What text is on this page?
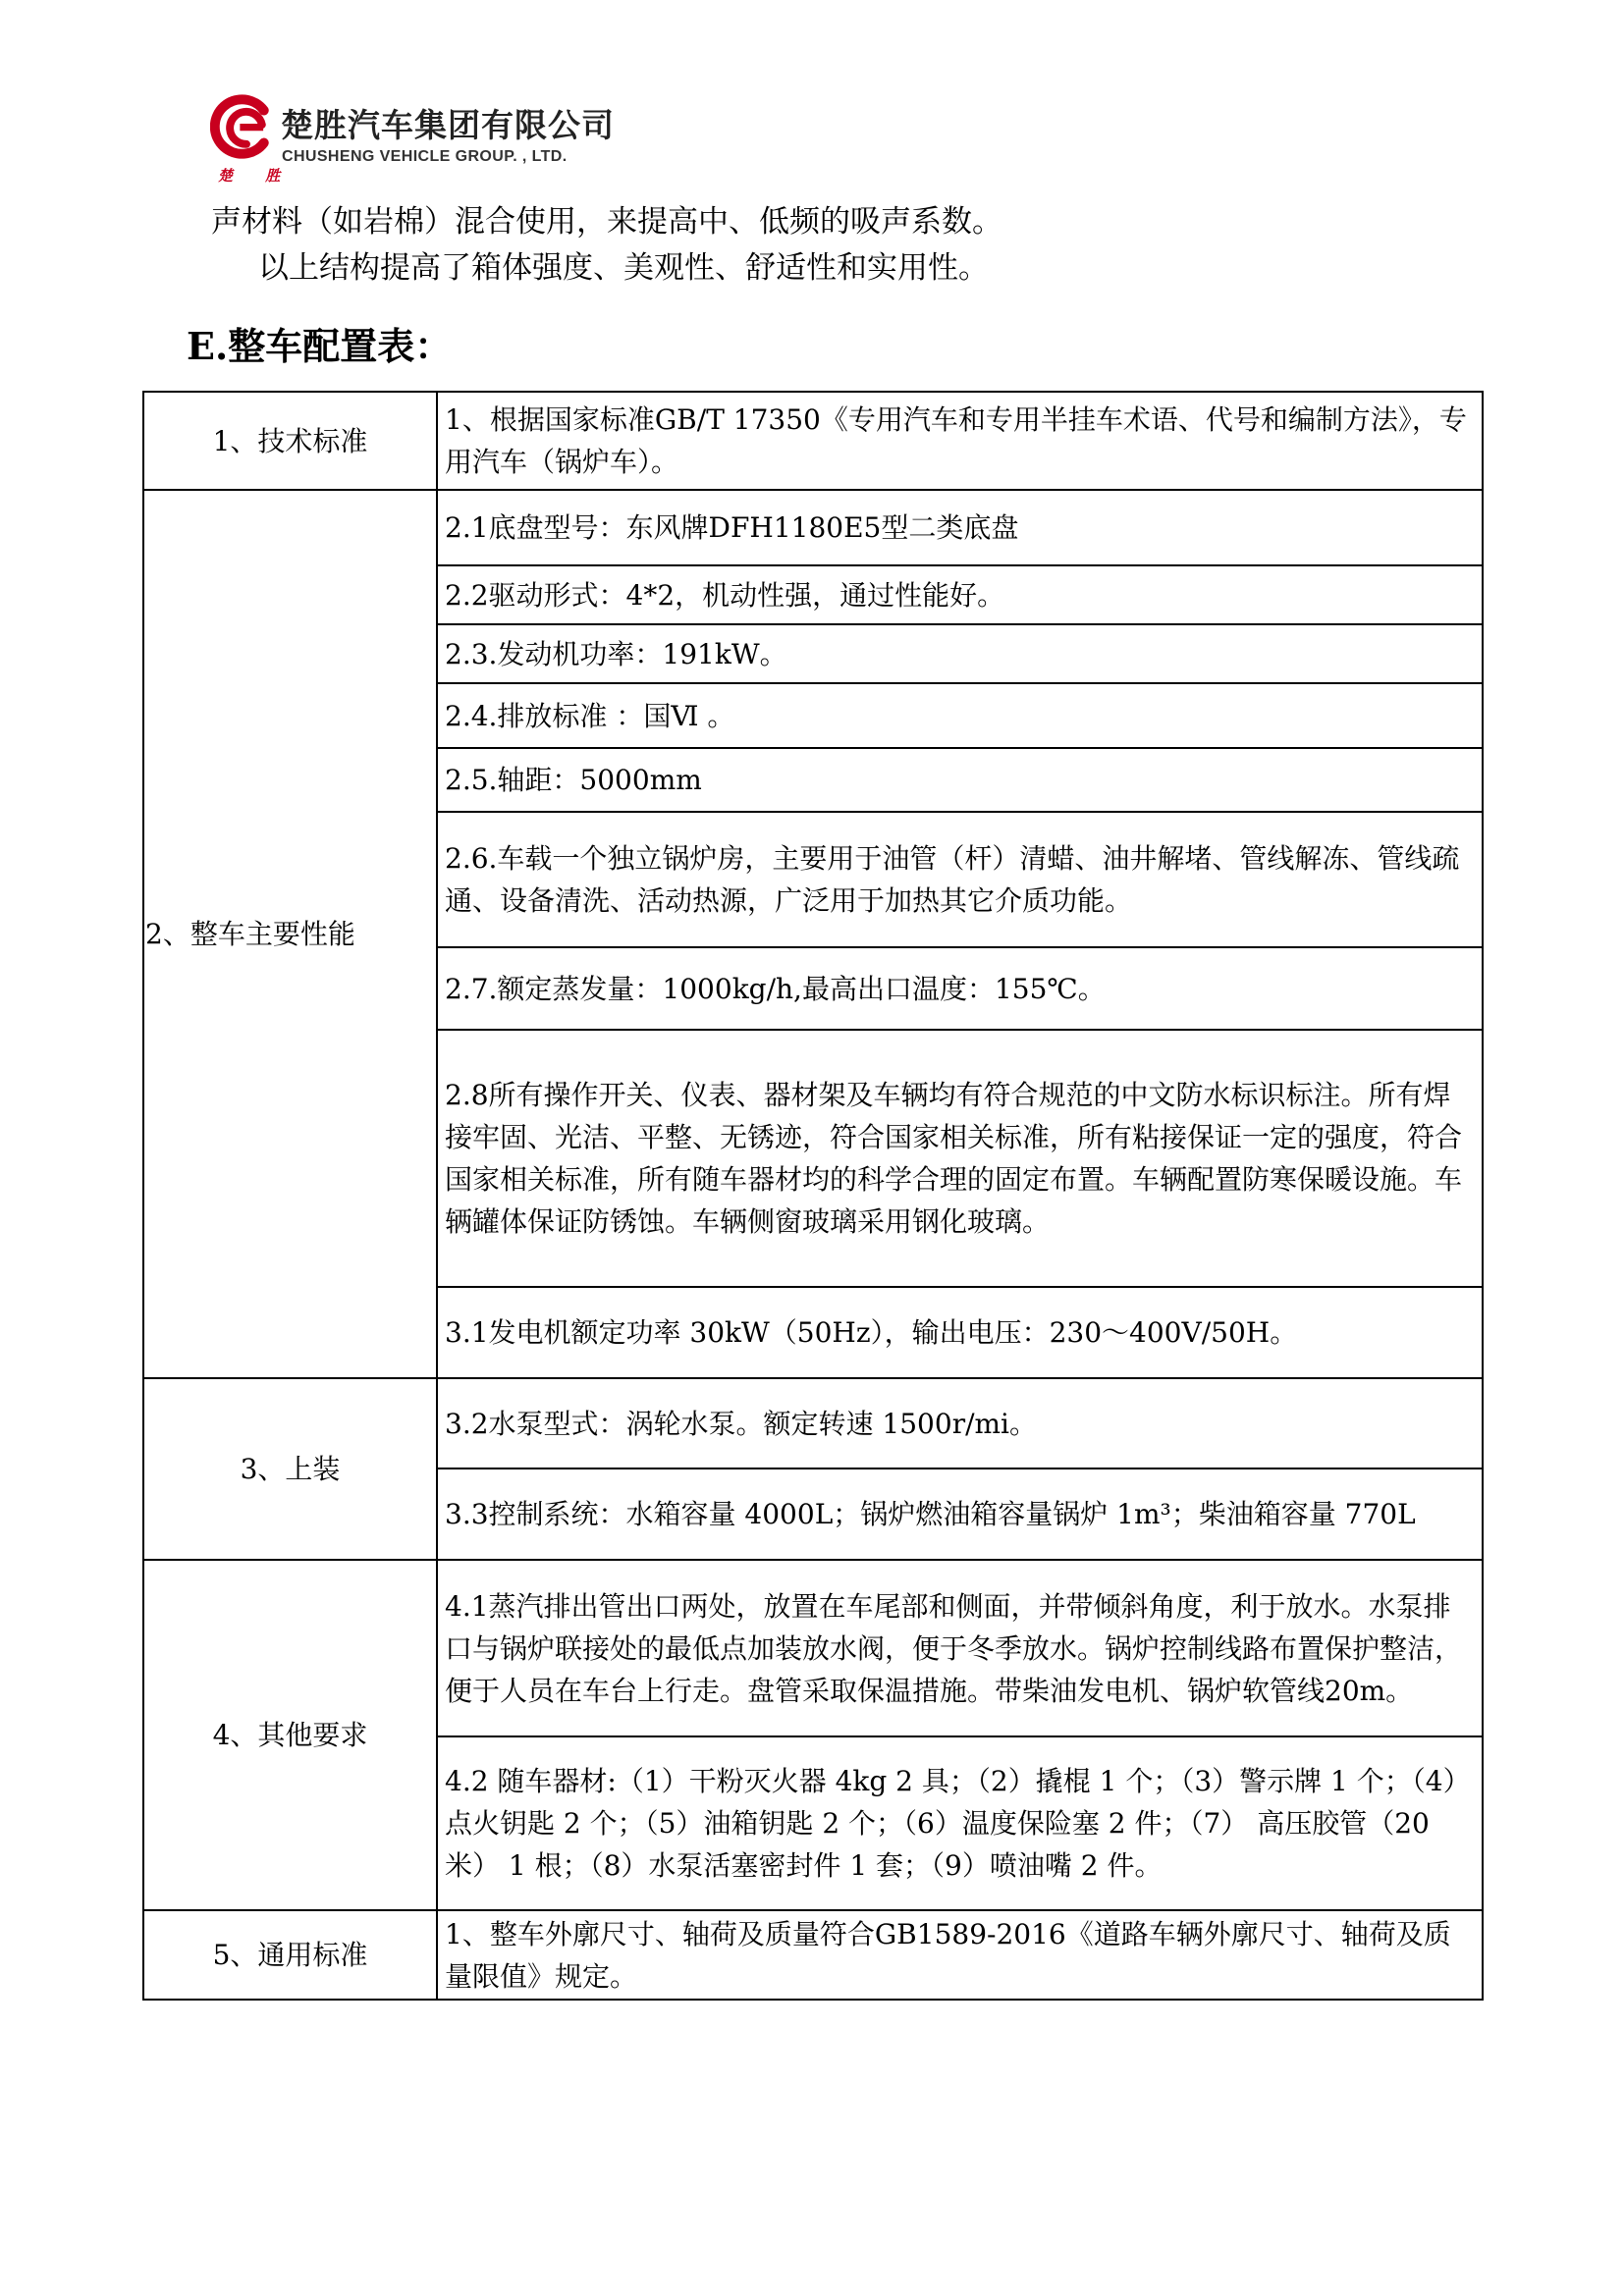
楚 胜
楚胜汽车集团有限公司
CHUSHENG VEHICLE GROUP. , LTD.
声材料（如岩棉）混合使用，来提高中、低频的吸声系数。
以上结构提高了箱体强度、美观性、舒适性和实用性。
E.整车配置表：
1、技术标准	1、根据国家标准GB/T 17350《专用汽车和专用半挂车术语、代号和编制方法》，专用汽车（锅炉车）。
2、整车主要性能	2.1底盘型号：东风牌DFH1180E5型二类底盘
	2.2驱动形式：4*2，机动性强，通过性能好。
	2.3.发动机功率：191kW。
	2.4.排放标准 ：国Ⅵ 。
	2.5.轴距：5000mm
	2.6.车载一个独立锅炉房，主要用于油管（杆）清蜡、油井解堵、管线解冻、管线疏通、设备清洗、活动热源，广泛用于加热其它介质功能。
	2.7.额定蒸发量：1000kg/h,最高出口温度：155℃。
	2.8所有操作开关、仪表、器材架及车辆均有符合规范的中文防水标识标注。所有焊接牢固、光洁、平整、无锈迹，符合国家相关标准，所有粘接保证一定的强度，符合国家相关标准，所有随车器材均的科学合理的固定布置。车辆配置防寒保暖设施。车辆罐体保证防锈蚀。车辆侧窗玻璃采用钢化玻璃。
	3.1发电机额定功率 30kW（50Hz），输出电压：230～400V/50H。
3、上装	3.2水泵型式：涡轮水泵。额定转速 1500r/mi。
	3.3控制系统：水箱容量 4000L；锅炉燃油箱容量锅炉 1m³；柴油箱容量 770L
4、其他要求	4.1蒸汽排出管出口两处，放置在车尾部和侧面，并带倾斜角度，利于放水。水泵排口与锅炉联接处的最低点加装放水阀，便于冬季放水。锅炉控制线路布置保护整洁，便于人员在车台上行走。盘管采取保温措施。带柴油发电机、锅炉软管线20m。
	4.2 随车器材:（1）干粉灭火器 4kg 2 具；（2）撬棍 1 个；（3）警示牌 1 个；（4） 点火钥匙 2 个；（5）油箱钥匙 2 个；（6）温度保险塞 2 件；（7） 高压胶管（20 米） 1 根；（8）水泵活塞密封件 1 套；（9）喷油嘴 2 件。
5、通用标准	1、整车外廓尺寸、轴荷及质量符合GB1589-2016《道路车辆外廓尺寸、轴荷及质量限值》规定。
